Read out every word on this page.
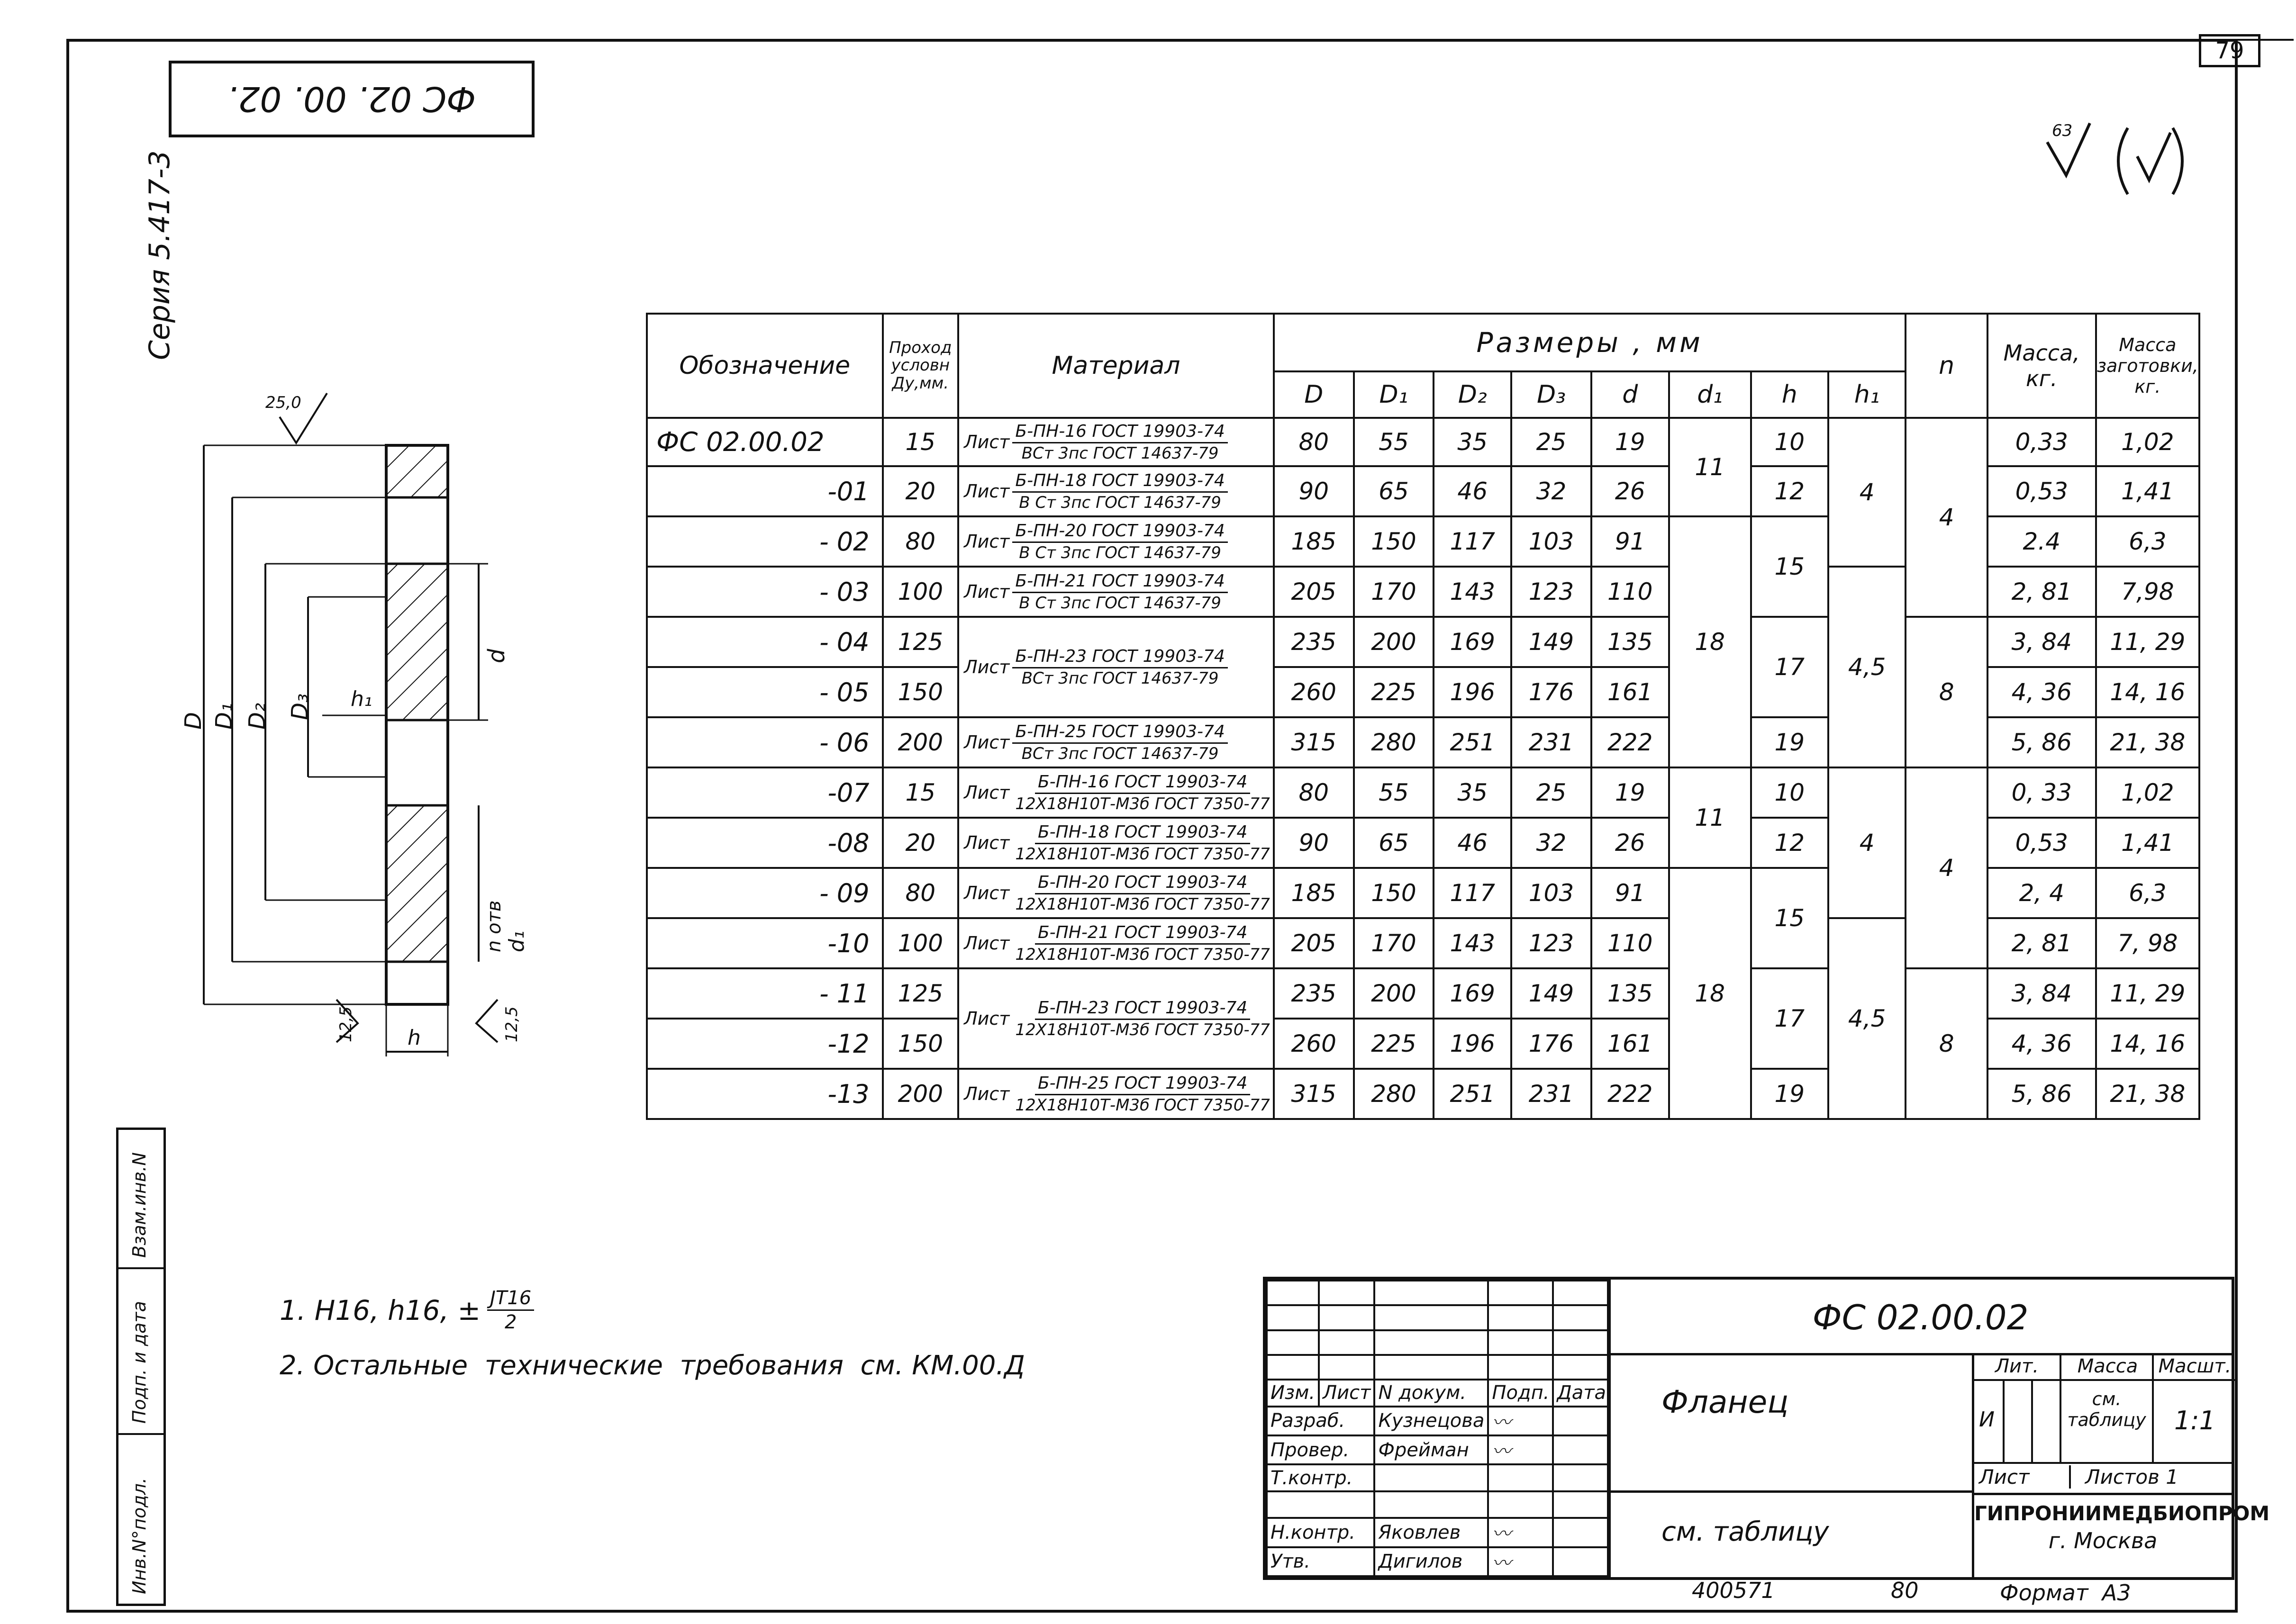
79
ФС 02. 00. 02.
Серия 5.417-3
Взам.инв.N
Подп. и дата
Инв.N°подл.
63
25,0
D D₁ D₂ D₃
d
h₁
n отв d₁
12,5	12,5
h
Обозначение	Проход условн Ду,мм.	Материал	Размеры , мм								n	Масса, кг.	Масса заготовки, кг.
			D	D₁	D₂	D₃	d	d₁	h	h₁			
ФС 02.00.02	15	Лист $\frac{\text{Б-ПН-16 ГОСТ 19903-74}}{\text{ВСт 3пс ГОСТ 14637-79}}$	80	55	35	25	19	11	10	4	4	0,33	1,02
-01	20	Лист $\frac{\text{Б-ПН-18 ГОСТ 19903-74}}{\text{В Ст 3пс ГОСТ 14637-79}}$	90	65	46	32	26		12			0,53	1,41
- 02	80	Лист $\frac{\text{Б-ПН-20 ГОСТ 19903-74}}{\text{В Ст 3пс ГОСТ 14637-79}}$	185	150	117	103	91	18	15			2.4	6,3
- 03	100	Лист $\frac{\text{Б-ПН-21 ГОСТ 19903-74}}{\text{В Ст 3пс ГОСТ 14637-79}}$	205	170	143	123	110			4,5		2, 81	7,98
- 04	125	Лист $\frac{\text{Б-ПН-23 ГОСТ 19903-74}}{\text{ВСт 3пс ГОСТ 14637-79}}$	235	200	169	149	135		17		8	3, 84	11, 29
- 05	150		260	225	196	176	161					4, 36	14, 16
- 06	200	Лист $\frac{\text{Б-ПН-25 ГОСТ 19903-74}}{\text{ВСт 3пс ГОСТ 14637-79}}$	315	280	251	231	222		19			5, 86	21, 38
-07	15	Лист $\frac{\text{Б-ПН-16 ГОСТ 19903-74}}{\text{12Х18Н10Т-М3б ГОСТ 7350-77}}$	80	55	35	25	19	11	10	4	4	0, 33	1,02
-08	20	Лист $\frac{\text{Б-ПН-18 ГОСТ 19903-74}}{\text{12Х18Н10Т-М3б ГОСТ 7350-77}}$	90	65	46	32	26		12			0,53	1,41
- 09	80	Лист $\frac{\text{Б-ПН-20 ГОСТ 19903-74}}{\text{12Х18Н10Т-М3б ГОСТ 7350-77}}$	185	150	117	103	91	18	15			2, 4	6,3
-10	100	Лист $\frac{\text{Б-ПН-21 ГОСТ 19903-74}}{\text{12Х18Н10Т-М3б ГОСТ 7350-77}}$	205	170	143	123	110			4,5		2, 81	7, 98
- 11	125	Лист $\frac{\text{Б-ПН-23 ГОСТ 19903-74}}{\text{12Х18Н10Т-М3б ГОСТ 7350-77}}$	235	200	169	149	135		17		8	3, 84	11, 29
-12	150		260	225	196	176	161					4, 36	14, 16
-13	200	Лист $\frac{\text{Б-ПН-25 ГОСТ 19903-74}}{\text{12Х18Н10Т-М3б ГОСТ 7350-77}}$	315	280	251	231	222		19			5, 86	21, 38
1. H16, h16, ± $\frac{JT16}{2}$
2. Остальные  технические  требования  см. КМ.00.Д

Изм.	Лист	N докум.	Подп.	Дата
Разраб.		Кузнецова	〰	
Провер.		Фрейман	〰	
Т.контр.				

Н.контр.		Яковлев	〰	
Утв.		Дигилов	〰	
ФС 02.00.02
Фланец
см. таблицу
Лит.	Масса	Масшт.
И
см. таблицу	1:1
Лист	Листов 1
ГИПРОНИИМЕДБИОПРОМ
г. Москва
400571	80	Формат  А3
